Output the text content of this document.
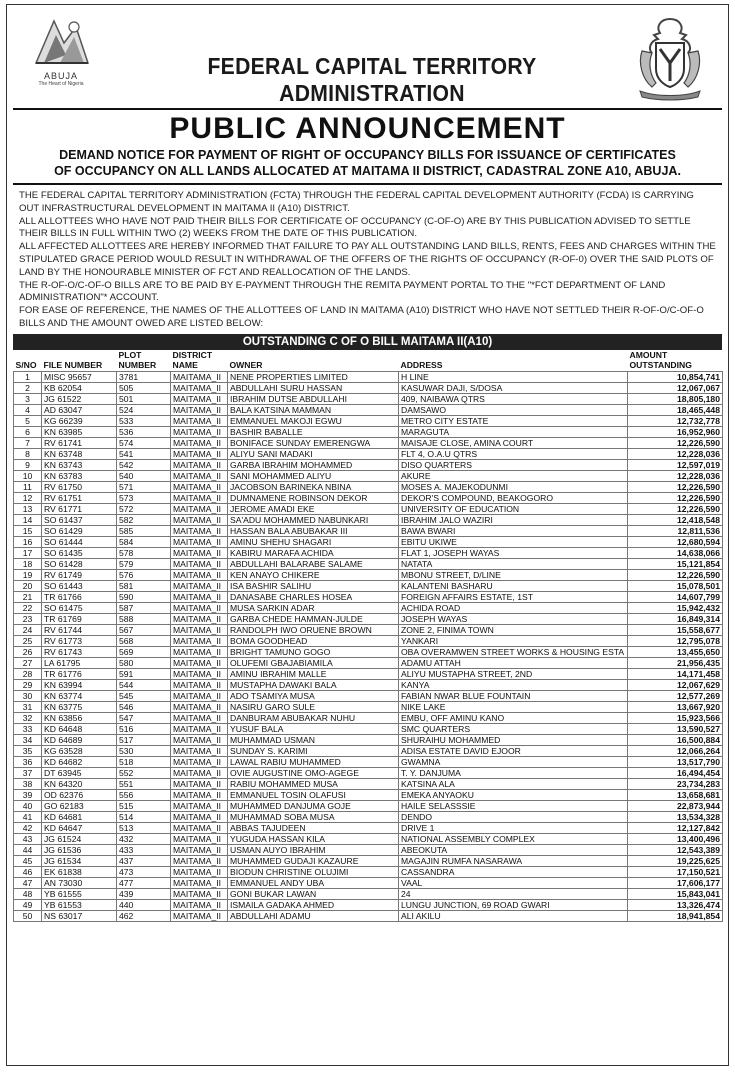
ABUJA
The Heart of Nigeria
FEDERAL CAPITAL TERRITORY ADMINISTRATION
PUBLIC ANNOUNCEMENT
DEMAND NOTICE FOR PAYMENT OF RIGHT OF OCCUPANCY BILLS FOR ISSUANCE OF CERTIFICATES
OF OCCUPANCY ON ALL LANDS ALLOCATED AT MAITAMA II DISTRICT, CADASTRAL ZONE A10, ABUJA.

THE FEDERAL CAPITAL TERRITORY ADMINISTRATION (FCTA) THROUGH THE FEDERAL CAPITAL DEVELOPMENT AUTHORITY (FCDA) IS CARRYING OUT INFRASTRUCTURAL DEVELOPMENT IN MAITAMA II (A10) DISTRICT.

ALL ALLOTTEES WHO HAVE NOT PAID THEIR BILLS FOR CERTIFICATE OF OCCUPANCY (C-OF-O) ARE BY THIS PUBLICATION ADVISED TO SETTLE THEIR BILLS IN FULL WITHIN TWO (2) WEEKS FROM THE DATE OF THIS PUBLICATION.

ALL AFFECTED ALLOTTEES ARE HEREBY INFORMED THAT FAILURE TO PAY ALL OUTSTANDING LAND BILLS, RENTS, FEES AND CHARGES WITHIN THE STIPULATED GRACE PERIOD WOULD RESULT IN WITHDRAWAL OF THE OFFERS OF THE RIGHTS OF OCCUPANCY (R-OF-0) OVER THE SAID PLOTS OF LAND BY THE HONOURABLE MINISTER OF FCT AND REALLOCATION OF THE LANDS.

THE R-OF-O/C-OF-O BILLS ARE TO BE PAID BY E-PAYMENT THROUGH THE REMITA PAYMENT PORTAL TO THE "*FCT DEPARTMENT OF LAND ADMINISTRATION"* ACCOUNT.

FOR EASE OF REFERENCE, THE NAMES OF THE ALLOTTEES OF LAND IN MAITAMA (A10) DISTRICT WHO HAVE NOT SETTLED THEIR R-OF-O/C-OF-O BILLS AND THE AMOUNT OWED ARE LISTED BELOW:

OUTSTANDING C OF O BILL MAITAMA II(A10)
		PLOT	DISTRICT			AMOUNT
S/NO	FILE NUMBER	NUMBER	NAME	OWNER	ADDRESS	OUTSTANDING
1	MISC 95657	3781	MAITAMA_II	NENE PROPERTIES LIMITED	H LINE	10,854,741
2	KB 62054	505	MAITAMA_II	ABDULLAHI SURU HASSAN	KASUWAR DAJI, S/DOSA	12,067,067
3	JG 61522	501	MAITAMA_II	IBRAHIM DUTSE ABDULLAHI	409, NAIBAWA QTRS	18,805,180
4	AD 63047	524	MAITAMA_II	BALA KATSINA MAMMAN	DAMSAWO	18,465,448
5	KG 66239	533	MAITAMA_II	EMMANUEL MAKOJI EGWU	METRO CITY ESTATE	12,732,778
6	KN 63985	536	MAITAMA_II	BASHIR BABALLE	MARAGUTA	16,952,960
7	RV 61741	574	MAITAMA_II	BONIFACE SUNDAY EMERENGWA	MAISAJE CLOSE, AMINA COURT	12,226,590
8	KN 63748	541	MAITAMA_II	ALIYU SANI MADAKI	FLT 4, O.A.U QTRS	12,228,036
9	KN 63743	542	MAITAMA_II	GARBA IBRAHIM MOHAMMED	DISO QUARTERS	12,597,019
10	KN 63783	540	MAITAMA_II	SANI MOHAMMED ALIYU	AKURE	12,228,036
11	RV 61750	571	MAITAMA_II	JACOBSON BARINEKA NBINA	MOSES A. MAJEKODUNMI	12,226,590
12	RV 61751	573	MAITAMA_II	DUMNAMENE ROBINSON DEKOR	DEKOR'S COMPOUND, BEAKOGORO	12,226,590
13	RV 61771	572	MAITAMA_II	JEROME AMADI EKE	UNIVERSITY OF EDUCATION	12,226,590
14	SO 61437	582	MAITAMA_II	SA'ADU MOHAMMED NABUNKARI	IBRAHIM JALO WAZIRI	12,418,548
15	SO 61429	585	MAITAMA_II	HASSAN BALA ABUBAKAR III	BAWA BWARI	12,811,536
16	SO 61444	584	MAITAMA_II	AMINU SHEHU SHAGARI	EBITU UKIWE	12,680,594
17	SO 61435	578	MAITAMA_II	KABIRU MARAFA ACHIDA	FLAT 1, JOSEPH WAYAS	14,638,066
18	SO 61428	579	MAITAMA_II	ABDULLAHI BALARABE SALAME	NATATA	15,121,854
19	RV 61749	576	MAITAMA_II	KEN ANAYO CHIKERE	MBONU STREET, D/LINE	12,226,590
20	SO 61443	581	MAITAMA_II	ISA BASHIR SALIHU	KALANTENI BASHARU	15,078,501
21	TR 61766	590	MAITAMA_II	DANASABE CHARLES HOSEA	FOREIGN AFFAIRS ESTATE, 1ST	14,607,799
22	SO 61475	587	MAITAMA_II	MUSA SARKIN ADAR	ACHIDA ROAD	15,942,432
23	TR 61769	588	MAITAMA_II	GARBA CHEDE HAMMAN-JULDE	JOSEPH WAYAS	16,849,314
24	RV 61744	567	MAITAMA_II	RANDOLPH IWO ORUENE BROWN	ZONE 2, FINIMA TOWN	15,558,677
25	RV 61773	568	MAITAMA_II	BOMA GOODHEAD	YANKARI	12,795,078
26	RV 61743	569	MAITAMA_II	BRIGHT TAMUNO GOGO	OBA OVERAMWEN STREET WORKS & HOUSING ESTA	13,455,650
27	LA 61795	580	MAITAMA_II	OLUFEMI GBAJABIAMILA	ADAMU ATTAH	21,956,435
28	TR 61776	591	MAITAMA_II	AMINU IBRAHIM MALLE	ALIYU MUSTAPHA STREET, 2ND	14,171,458
29	KN 63994	544	MAITAMA_II	MUSTAPHA DAWAKI BALA	KANYA	12,067,629
30	KN 63774	545	MAITAMA_II	ADO TSAMIYA MUSA	FABIAN NWAR BLUE FOUNTAIN	12,577,269
31	KN 63775	546	MAITAMA_II	NASIRU GARO SULE	NIKE LAKE	13,667,920
32	KN 63856	547	MAITAMA_II	DANBURAM ABUBAKAR NUHU	EMBU, OFF AMINU KANO	15,923,566
33	KD 64648	516	MAITAMA_II	YUSUF BALA	SMC QUARTERS	13,590,527
34	KD 64689	517	MAITAMA_II	MUHAMMAD USMAN	SHURAIHU MOHAMMED	16,500,884
35	KG 63528	530	MAITAMA_II	SUNDAY S. KARIMI	ADISA ESTATE DAVID EJOOR	12,066,264
36	KD 64682	518	MAITAMA_II	LAWAL RABIU MUHAMMED	GWAMNA	13,517,790
37	DT 63945	552	MAITAMA_II	OVIE AUGUSTINE OMO-AGEGE	T. Y. DANJUMA	16,494,454
38	KN 64320	551	MAITAMA_II	RABIU MOHAMMED MUSA	KATSINA ALA	23,734,283
39	OD 62376	556	MAITAMA_II	EMMANUEL TOSIN OLAFUSI	EMEKA ANYAOKU	13,658,681
40	GO 62183	515	MAITAMA_II	MUHAMMED DANJUMA GOJE	HAILE SELASSSIE	22,873,944
41	KD 64681	514	MAITAMA_II	MUHAMMAD SOBA MUSA	DENDO	13,534,328
42	KD 64647	513	MAITAMA_II	ABBAS TAJUDEEN	DRIVE 1	12,127,842
43	JG 61524	432	MAITAMA_II	YUGUDA HASSAN KILA	NATIONAL ASSEMBLY COMPLEX	13,400,496
44	JG 61536	433	MAITAMA_II	USMAN AUYO IBRAHIM	ABEOKUTA	12,543,389
45	JG 61534	437	MAITAMA_II	MUHAMMED GUDAJI KAZAURE	MAGAJIN RUMFA NASARAWA	19,225,625
46	EK 61838	473	MAITAMA_II	BIODUN CHRISTINE OLUJIMI	CASSANDRA	17,150,521
47	AN 73030	477	MAITAMA_II	EMMANUEL ANDY UBA	VAAL	17,606,177
48	YB 61555	439	MAITAMA_II	GONI BUKAR LAWAN	24	15,843,041
49	YB 61553	440	MAITAMA_II	ISMAILA GADAKA AHMED	LUNGU JUNCTION, 69 ROAD GWARI	13,326,474
50	NS 63017	462	MAITAMA_II	ABDULLAHI ADAMU	ALI AKILU	18,941,854
